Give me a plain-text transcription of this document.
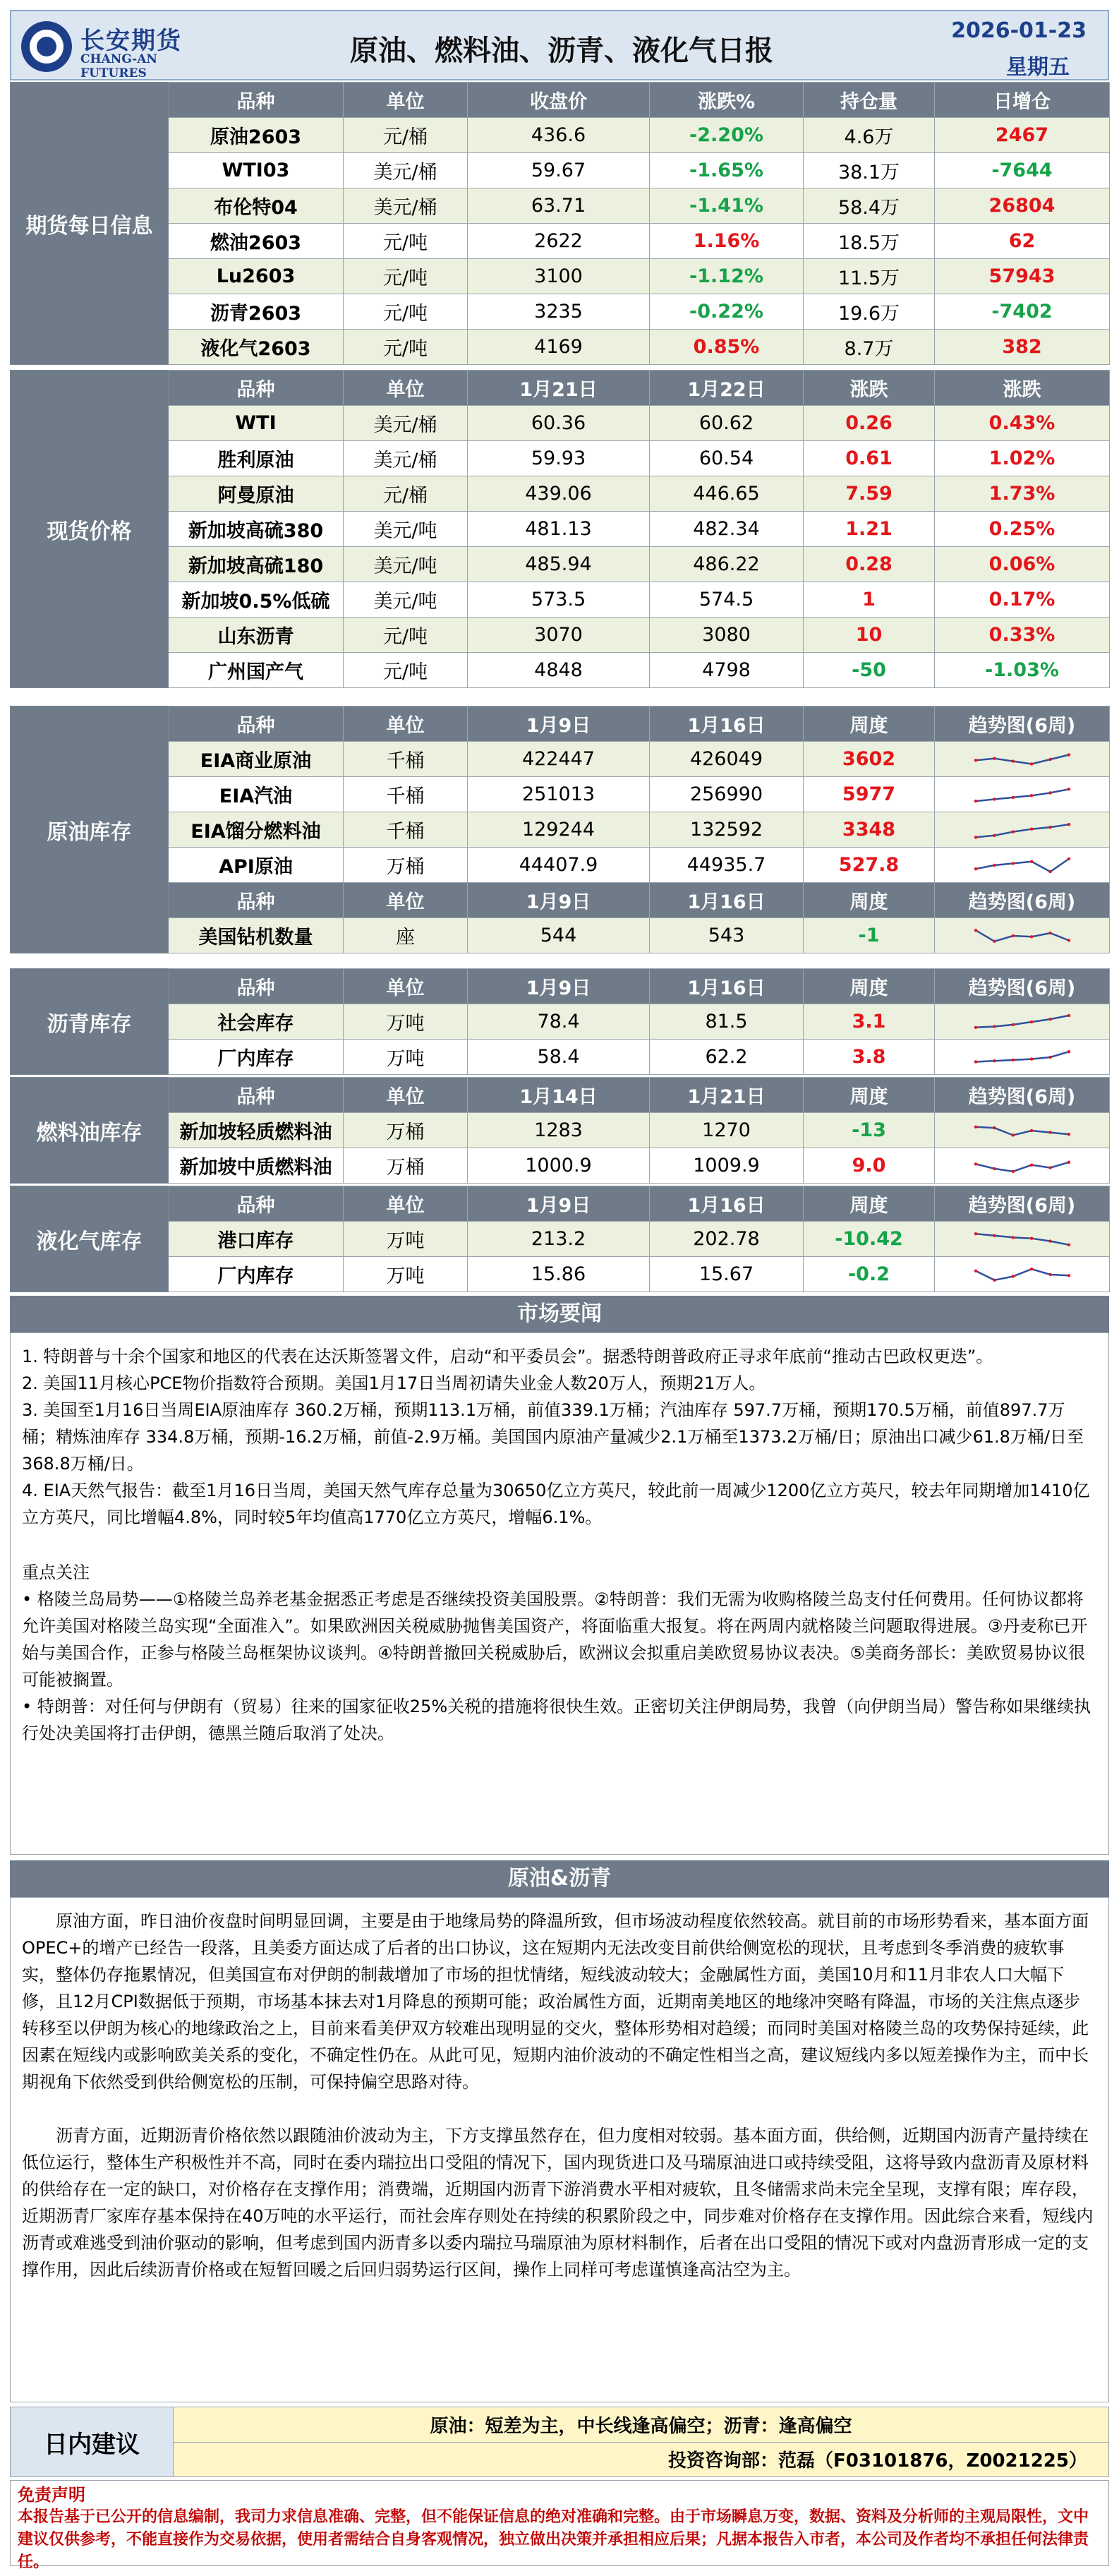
长安期货
CHANG-AN FUTURES
原油、燃料油、沥青、液化气日报
2026-01-23
星期五
期货每日信息	品种	单位	收盘价	涨跌%	持仓量	日增仓
	原油2603	元/桶	436.6	-2.20%	4.6万	2467
	WTI03	美元/桶	59.67	-1.65%	38.1万	-7644
	布伦特04	美元/桶	63.71	-1.41%	58.4万	26804
	燃油2603	元/吨	2622	1.16%	18.5万	62
	Lu2603	元/吨	3100	-1.12%	11.5万	57943
	沥青2603	元/吨	3235	-0.22%	19.6万	-7402
	液化气2603	元/吨	4169	0.85%	8.7万	382
现货价格	品种	单位	1月21日	1月22日	涨跌	涨跌
	WTI	美元/桶	60.36	60.62	0.26	0.43%
	胜利原油	美元/桶	59.93	60.54	0.61	1.02%
	阿曼原油	元/桶	439.06	446.65	7.59	1.73%
	新加坡高硫380	美元/吨	481.13	482.34	1.21	0.25%
	新加坡高硫180	美元/吨	485.94	486.22	0.28	0.06%
	新加坡0.5%低硫	美元/吨	573.5	574.5	1	0.17%
	山东沥青	元/吨	3070	3080	10	0.33%
	广州国产气	元/吨	4848	4798	-50	-1.03%
原油库存	品种	单位	1月9日	1月16日	周度	趋势图(6周)
	EIA商业原油	千桶	422447	426049	3602	

	EIA汽油	千桶	251013	256990	5977	

	EIA馏分燃料油	千桶	129244	132592	3348	

	API原油	万桶	44407.9	44935.7	527.8	

	品种	单位	1月9日	1月16日	周度	趋势图(6周)
	美国钻机数量	座	544	543	-1	
沥青库存	品种	单位	1月9日	1月16日	周度	趋势图(6周)
	社会库存	万吨	78.4	81.5	3.1	

	厂内库存	万吨	58.4	62.2	3.8	
燃料油库存	品种	单位	1月14日	1月21日	周度	趋势图(6周)
	新加坡轻质燃料油	万桶	1283	1270	-13	

	新加坡中质燃料油	万桶	1000.9	1009.9	9.0	
液化气库存	品种	单位	1月9日	1月16日	周度	趋势图(6周)
	港口库存	万吨	213.2	202.78	-10.42	

	厂内库存	万吨	15.86	15.67	-0.2	
市场要闻

1. 特朗普与十余个国家和地区的代表在达沃斯签署文件，启动“和平委员会”。据悉特朗普政府正寻求年底前“推动古巴政权更迭”。

2. 美国11月核心PCE物价指数符合预期。美国1月17日当周初请失业金人数20万人，预期21万人。

3. 美国至1月16日当周EIA原油库存 360.2万桶，预期113.1万桶，前值339.1万桶；汽油库存 597.7万桶，预期170.5万桶，前值897.7万桶；精炼油库存 334.8万桶，预期-16.2万桶，前值-2.9万桶。美国国内原油产量减少2.1万桶至1373.2万桶/日；原油出口减少61.8万桶/日至368.8万桶/日。

4. EIA天然气报告：截至1月16日当周，美国天然气库存总量为30650亿立方英尺，较此前一周减少1200亿立方英尺，较去年同期增加1410亿立方英尺，同比增幅4.8%，同时较5年均值高1770亿立方英尺，增幅6.1%。

重点关注

• 格陵兰岛局势——①格陵兰岛养老基金据悉正考虑是否继续投资美国股票。②特朗普：我们无需为收购格陵兰岛支付任何费用。任何协议都将允许美国对格陵兰岛实现“全面准入”。如果欧洲因关税威胁抛售美国资产，将面临重大报复。将在两周内就格陵兰问题取得进展。③丹麦称已开始与美国合作，正参与格陵兰岛框架协议谈判。④特朗普撤回关税威胁后，欧洲议会拟重启美欧贸易协议表决。⑤美商务部长：美欧贸易协议很可能被搁置。

• 特朗普：对任何与伊朗有（贸易）往来的国家征收25%关税的措施将很快生效。正密切关注伊朗局势，我曾（向伊朗当局）警告称如果继续执行处决美国将打击伊朗，德黑兰随后取消了处决。

原油&沥青

原油方面，昨日油价夜盘时间明显回调，主要是由于地缘局势的降温所致，但市场波动程度依然较高。就目前的市场形势看来，基本面方面OPEC+的增产已经告一段落，且美委方面达成了后者的出口协议，这在短期内无法改变目前供给侧宽松的现状，且考虑到冬季消费的疲软事实，整体仍存拖累情况，但美国宣布对伊朗的制裁增加了市场的担忧情绪，短线波动较大；金融属性方面，美国10月和11月非农人口大幅下修，且12月CPI数据低于预期，市场基本抹去对1月降息的预期可能；政治属性方面，近期南美地区的地缘冲突略有降温，市场的关注焦点逐步转移至以伊朗为核心的地缘政治之上，目前来看美伊双方较难出现明显的交火，整体形势相对趋缓；而同时美国对格陵兰岛的攻势保持延续，此因素在短线内或影响欧美关系的变化，不确定性仍在。从此可见，短期内油价波动的不确定性相当之高，建议短线内多以短差操作为主，而中长期视角下依然受到供给侧宽松的压制，可保持偏空思路对待。

沥青方面，近期沥青价格依然以跟随油价波动为主，下方支撑虽然存在，但力度相对较弱。基本面方面，供给侧，近期国内沥青产量持续在低位运行，整体生产积极性并不高，同时在委内瑞拉出口受阻的情况下，国内现货进口及马瑞原油进口或持续受阻，这将导致内盘沥青及原材料的供给存在一定的缺口，对价格存在支撑作用；消费端，近期国内沥青下游消费水平相对疲软，且冬储需求尚未完全呈现，支撑有限；库存段，近期沥青厂家库存基本保持在40万吨的水平运行，而社会库存则处在持续的积累阶段之中，同步难对价格存在支撑作用。因此综合来看，短线内沥青或难逃受到油价驱动的影响，但考虑到国内沥青多以委内瑞拉马瑞原油为原材料制作，后者在出口受阻的情况下或对内盘沥青形成一定的支撑作用，因此后续沥青价格或在短暂回暖之后回归弱势运行区间，操作上同样可考虑谨慎逢高沽空为主。

日内建议	原油：短差为主，中长线逢高偏空；沥青：逢高偏空
投资咨询部：范磊（F03101876，Z0021225）
免责声明
本报告基于已公开的信息编制，我司力求信息准确、完整，但不能保证信息的绝对准确和完整。由于市场瞬息万变，数据、资料及分析师的主观局限性，文中建议仅供参考，不能直接作为交易依据，使用者需结合自身客观情况，独立做出决策并承担相应后果；凡据本报告入市者，本公司及作者均不承担任何法律责任。
